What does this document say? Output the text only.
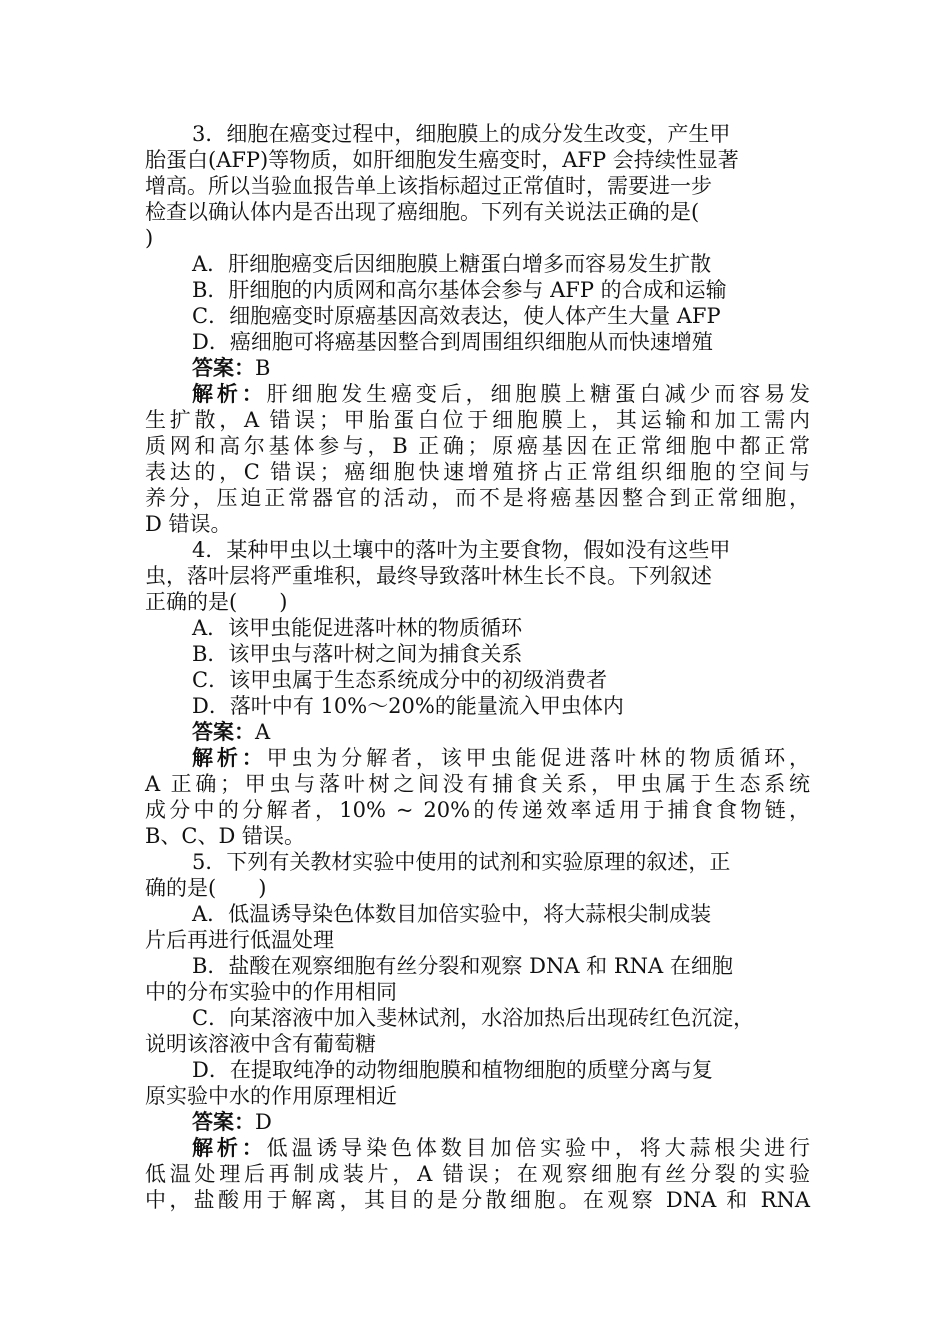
3．细胞在癌变过程中，细胞膜上的成分发生改变，产生甲

胎蛋白(AFP)等物质，如肝细胞发生癌变时，AFP 会持续性显著

增高。所以当验血报告单上该指标超过正常值时，需要进一步

检查以确认体内是否出现了癌细胞。下列有关说法正确的是(

)

A．肝细胞癌变后因细胞膜上糖蛋白增多而容易发生扩散

B．肝细胞的内质网和高尔基体会参与 AFP 的合成和运输

C．细胞癌变时原癌基因高效表达，使人体产生大量 AFP

D．癌细胞可将癌基因整合到周围组织细胞从而快速增殖

答案：B

解析：肝细胞发生癌变后，细胞膜上糖蛋白减少而容易发

生扩散，A 错误；甲胎蛋白位于细胞膜上，其运输和加工需内

质网和高尔基体参与，B 正确；原癌基因在正常细胞中都正常

表达的，C 错误；癌细胞快速增殖挤占正常组织细胞的空间与

养分，压迫正常器官的活动，而不是将癌基因整合到正常细胞，

D 错误。

4．某种甲虫以土壤中的落叶为主要食物，假如没有这些甲

虫，落叶层将严重堆积，最终导致落叶林生长不良。下列叙述

正确的是(　　)

A．该甲虫能促进落叶林的物质循环

B．该甲虫与落叶树之间为捕食关系

C．该甲虫属于生态系统成分中的初级消费者

D．落叶中有 10%～20%的能量流入甲虫体内

答案：A

解析：甲虫为分解者，该甲虫能促进落叶林的物质循环，

A 正确；甲虫与落叶树之间没有捕食关系，甲虫属于生态系统

成分中的分解者，10% ~ 20%的传递效率适用于捕食食物链，

B、C、D 错误。

5．下列有关教材实验中使用的试剂和实验原理的叙述，正

确的是(　　)

A．低温诱导染色体数目加倍实验中，将大蒜根尖制成装

片后再进行低温处理

B．盐酸在观察细胞有丝分裂和观察 DNA 和 RNA 在细胞

中的分布实验中的作用相同

C．向某溶液中加入斐林试剂，水浴加热后出现砖红色沉淀，

说明该溶液中含有葡萄糖

D．在提取纯净的动物细胞膜和植物细胞的质壁分离与复

原实验中水的作用原理相近

答案：D

解析：低温诱导染色体数目加倍实验中，将大蒜根尖进行

低温处理后再制成装片，A 错误；在观察细胞有丝分裂的实验

中，盐酸用于解离，其目的是分散细胞。在观察 DNA 和 RNA
